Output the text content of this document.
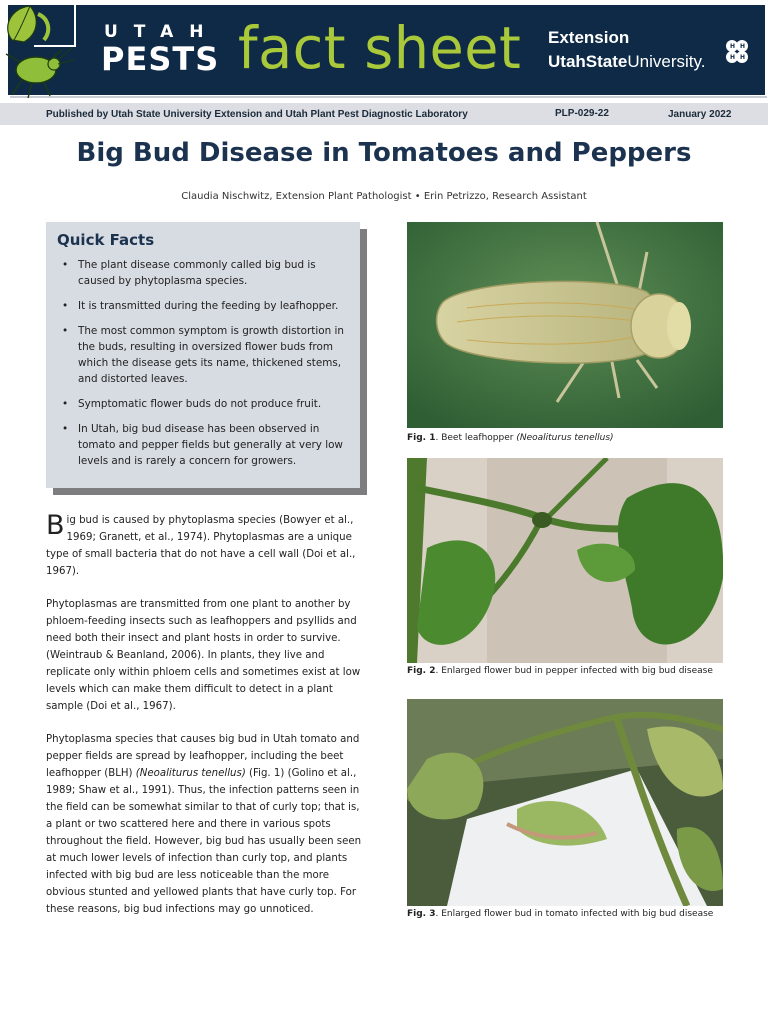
UTAH
PESTS fact sheet Extension
UtahStateUniversity.
H H
H H
Published by Utah State University Extension and Utah Plant Pest Diagnostic Laboratory	PLP-029-22	January 2022
Big Bud Disease in Tomatoes and Peppers
Claudia Nischwitz, Extension Plant Pathologist • Erin Petrizzo, Research Assistant
Quick Facts
• The plant disease commonly called big bud is caused by phytoplasma species.
• It is transmitted during the feeding by leafhopper.
• The most common symptom is growth distortion in the buds, resulting in oversized flower buds from which the disease gets its name, thickened stems, and distorted leaves.
• Symptomatic flower buds do not produce fruit.
• In Utah, big bud disease has been observed in tomato and pepper fields but generally at very low levels and is rarely a concern for growers.

Big bud is caused by phytoplasma species (Bowyer et al., 1969; Granett, et al., 1974). Phytoplasmas are a unique type of small bacteria that do not have a cell wall (Doi et al., 1967).

Phytoplasmas are transmitted from one plant to another by phloem-feeding insects such as leafhoppers and psyllids and need both their insect and plant hosts in order to survive. (Weintraub & Beanland, 2006). In plants, they live and replicate only within phloem cells and sometimes exist at low levels which can make them difficult to detect in a plant sample (Doi et al., 1967).

Phytoplasma species that causes big bud in Utah tomato and pepper fields are spread by leafhopper, including the beet leafhopper (BLH) (Neoaliturus tenellus) (Fig. 1) (Golino et al., 1989; Shaw et al., 1991). Thus, the infection patterns seen in the field can be somewhat similar to that of curly top; that is, a plant or two scattered here and there in various spots throughout the field. However, big bud has usually been seen at much lower levels of infection than curly top, and plants infected with big bud are less noticeable than the more obvious stunted and yellowed plants that have curly top. For these reasons, big bud infections may go unnoticed.

Fig. 1. Beet leafhopper (Neoaliturus tenellus)
Fig. 2. Enlarged flower bud in pepper infected with big bud disease
Fig. 3. Enlarged flower bud in tomato infected with big bud disease
